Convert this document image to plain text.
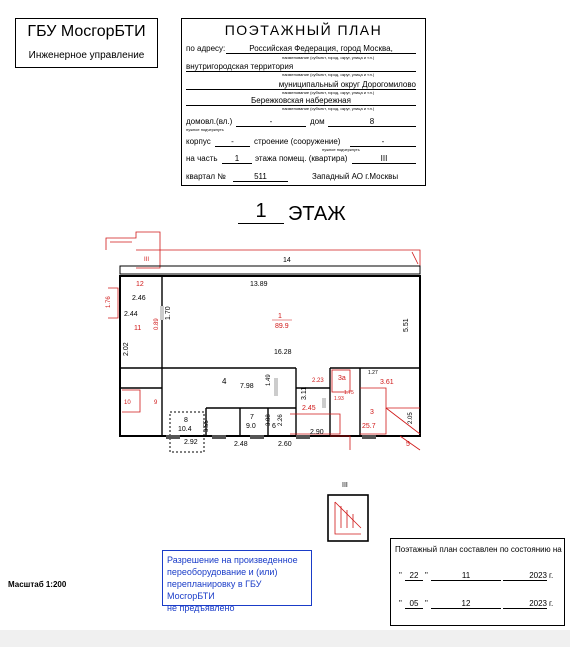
ГБУ МосгорБТИ
Инженерное управление
ПОЭТАЖНЫЙ ПЛАН
по адресу:	Российская Федерация, город Москва,
наименование (субъект, город, округ, улица и т.п.)
внутригородская территория
наименование (субъект, город, округ, улица и т.п.)
муниципальный округ Дорогомилово
наименование (субъект, город, округ, улица и т.п.)
Бережковская набережная
наименование (субъект, город, округ, улица и т.п.)
домовл.(вл.)	-	дом	8
нужное подчеркнуть
корпус	-	строение (сооружение)	-
нужное подчеркнуть
на часть	1	этажа помещ. (квартира)	III
квартал №	511	Западный АО г.Москвы
1	ЭТАЖ
III	14
1
89.9
3а
3
25.7
4
5
6
7
9.0
8
10.4
9
10
11
12	13.89
2.46
2.44	1.70
0.89
1.76
2.02	16.28
5.51
7.98
1.49
3.11
2.23	3.61
1.93
1.75
1.27
2.45
2.05
3.55
2.92
3.88
2.48
2.26
2.60
2.90
III
Разрешение на произведенное
переоборудование и (или)
перепланировку в ГБУ МосгорБТИ
не предъявлено
Масштаб 1:200
Поэтажный план составлен по состоянию на
" 22 "	11	2023 г.
" 05 "	12	2023 г.
